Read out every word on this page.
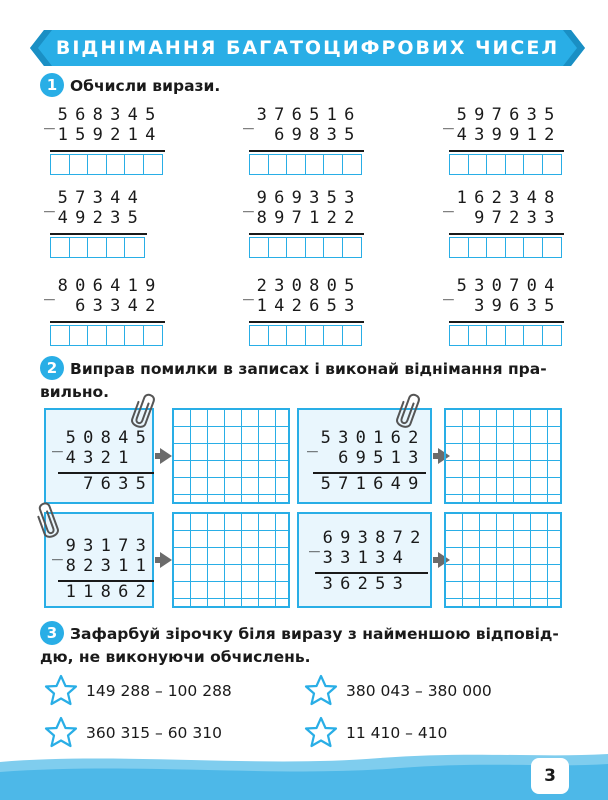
ВІДНІМАННЯ БАГАТОЦИФРОВИХ ЧИСЕЛ
1 Обчисли вирази.
_ 5 6 8 3 4 5
1 5 9 2 1 4
_ 3 7 6 5 1 6

6 9 8 3 5
_ 5 9 7 6 3 5
4 3 9 9 1 2
_ 5 7 3 4 4
4 9 2 3 5
_ 9 6 9 3 5 3
8 9 7 1 2 2
_ 1 6 2 3 4 8

9 7 2 3 3
_ 8 0 6 4 1 9

6 3 3 4 2
_ 2 3 0 8 0 5
1 4 2 6 5 3
_ 5 3 0 7 0 4

3 9 6 3 5
2 Виправ помилки в записах і виконай віднімання пра-
вильно.
_ 5 0 8 4 5
4 3 2 1

7 6 3 5
_ 5 3 0 1 6 2

6 9 5 1 3
5 7 1 6 4 9
_ 9 3 1 7 3
8 2 3 1 1
1 1 8 6 2
_ 6 9 3 8 7 2
3 3 1 3 4

3 6 2 5 3

3 Зафарбуй зірочку біля виразу з найменшою відповід-
дю, не виконуючи обчислень.
149 288 – 100 288	380 043 – 380 000
360 315 – 60 310	11 410 – 410
3
